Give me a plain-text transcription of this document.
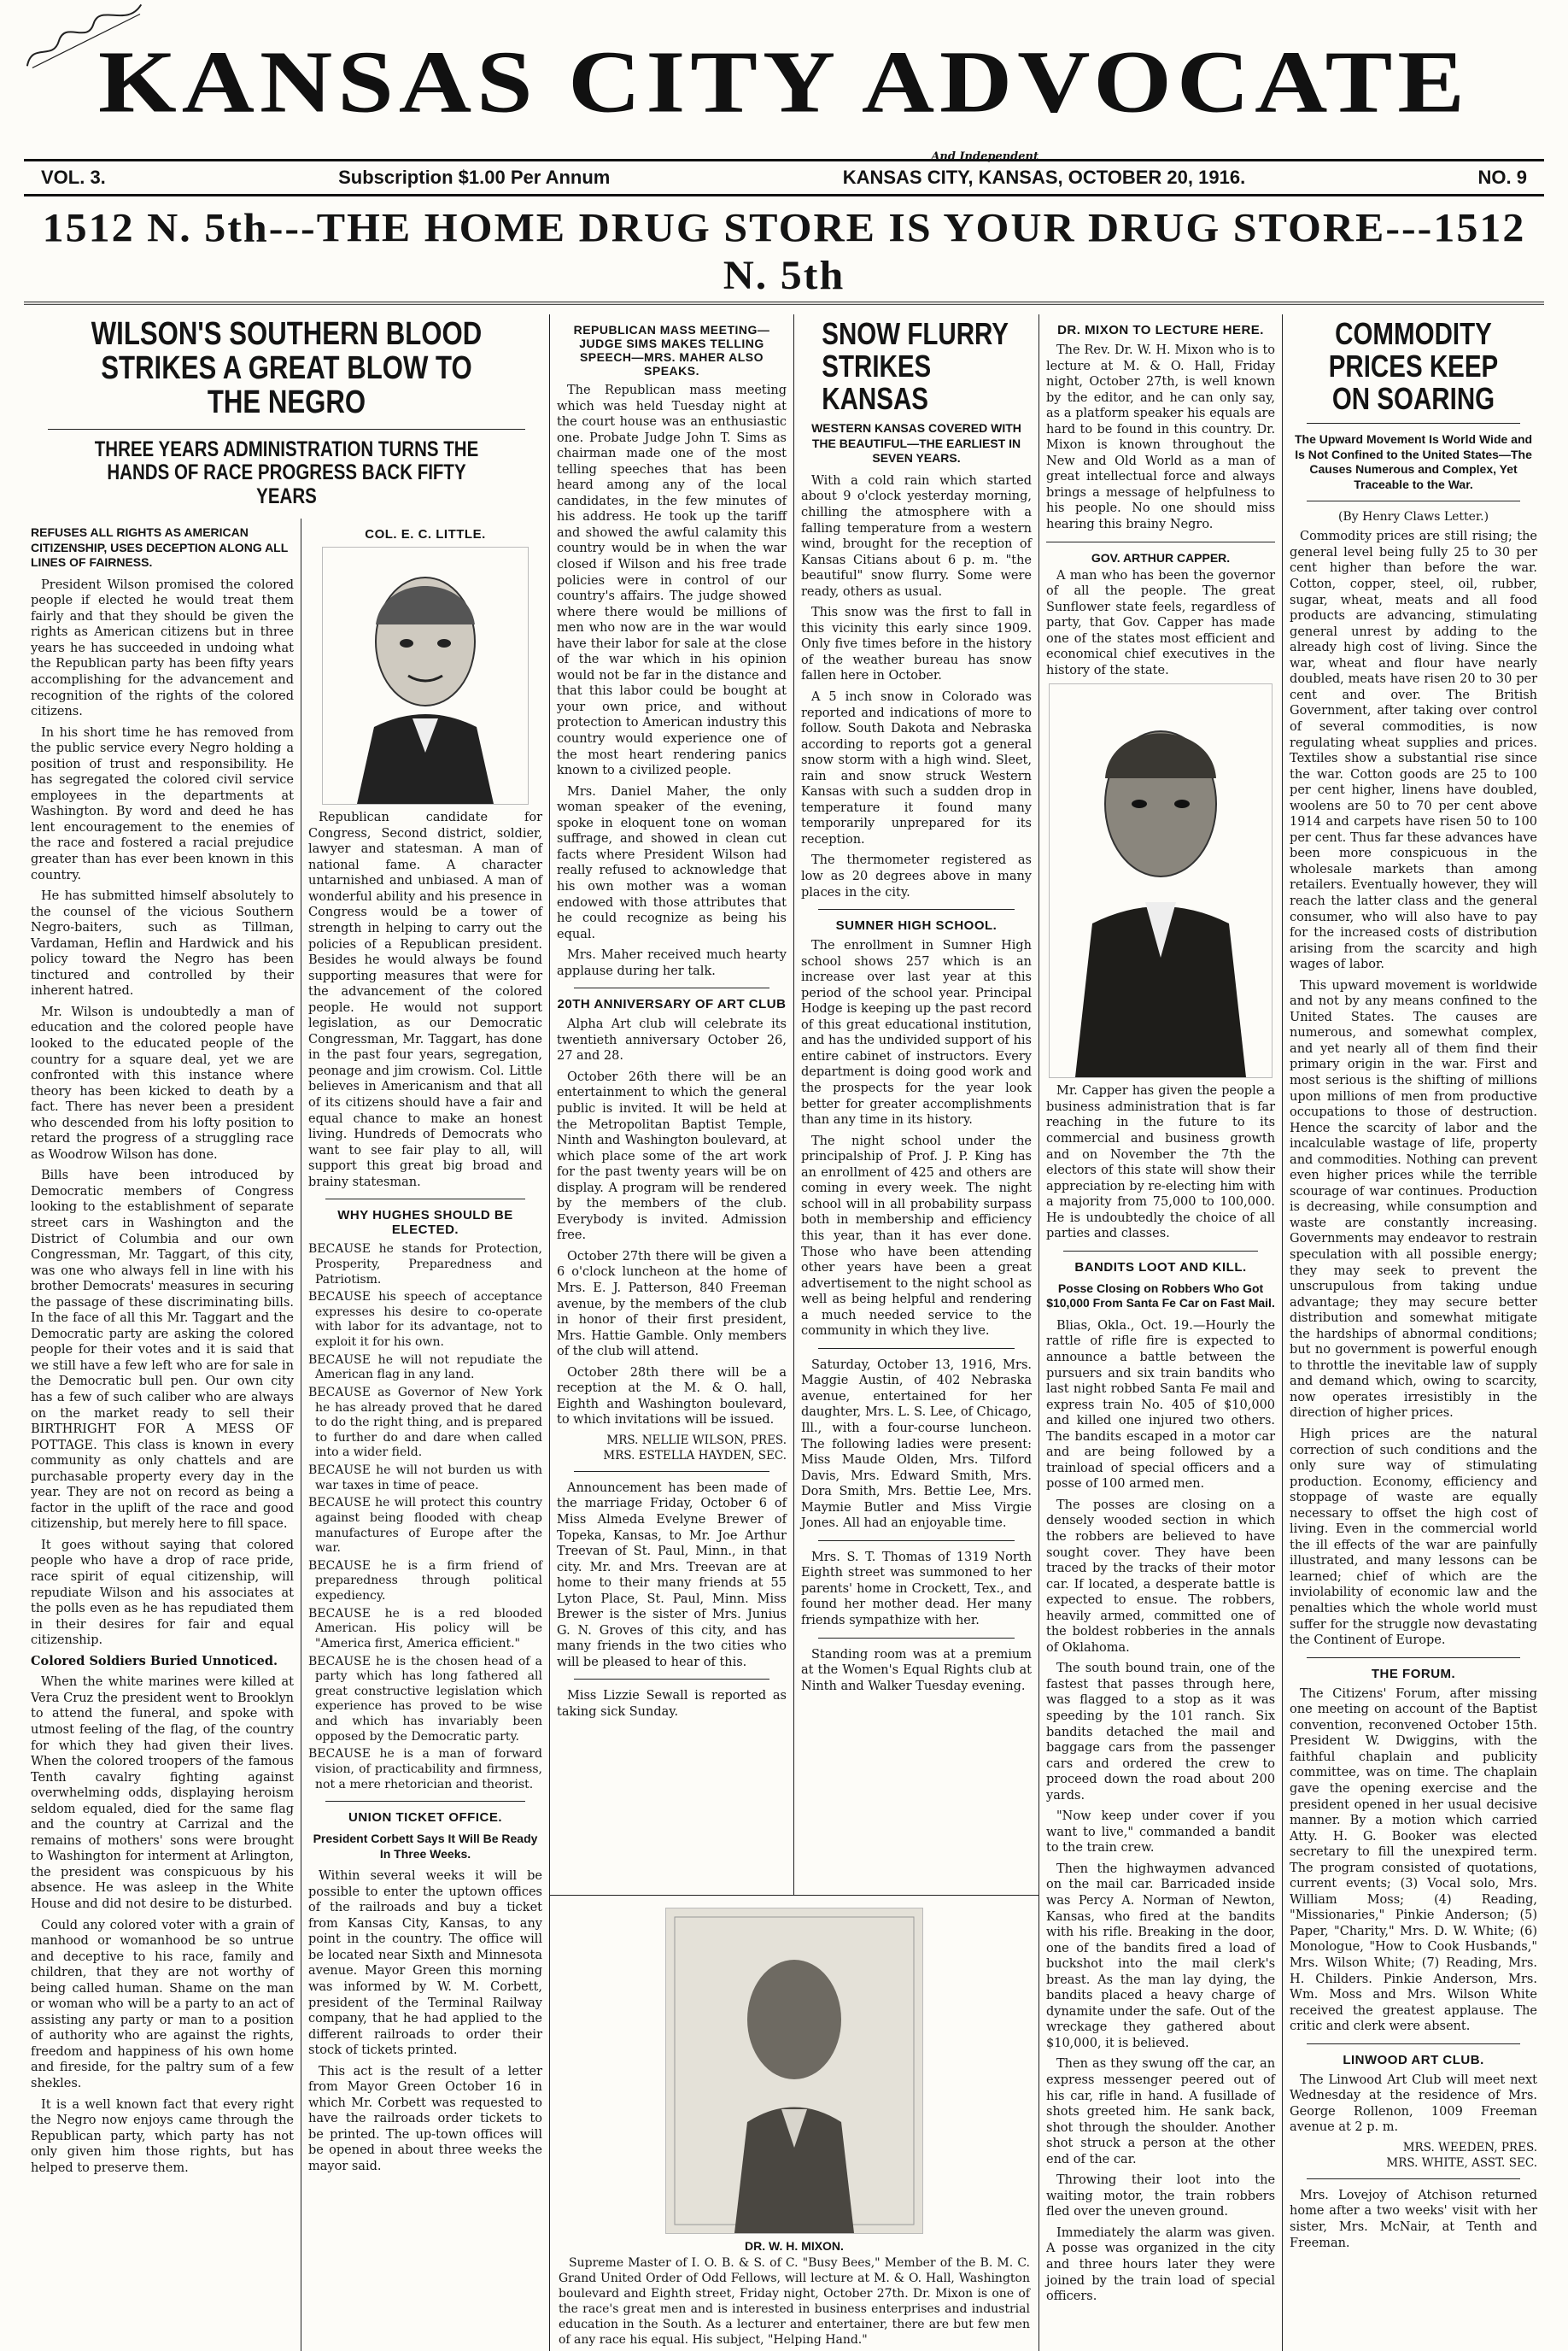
KANSAS CITY ADVOCATE
And Independent
VOL. 3.	Subscription $1.00 Per Annum	KANSAS CITY, KANSAS, OCTOBER 20, 1916.	NO. 9
1512 N. 5th---THE HOME DRUG STORE IS YOUR DRUG STORE---1512 N. 5th
WILSON'S SOUTHERN BLOOD STRIKES A GREAT BLOW TO THE NEGRO
THREE YEARS ADMINISTRATION TURNS THE HANDS OF RACE PROGRESS BACK FIFTY YEARS
REFUSES ALL RIGHTS AS AMERICAN CITIZENSHIP, USES DECEPTION ALONG ALL LINES OF FAIRNESS.

President Wilson promised the colored people if elected he would treat them fairly and that they should be given the rights as American citizens but in three years he has succeeded in undoing what the Republican party has been fifty years accomplishing for the advancement and recognition of the rights of the colored citizens.

In his short time he has removed from the public service every Negro holding a position of trust and responsibility. He has segregated the colored civil service employees in the departments at Washington. By word and deed he has lent encouragement to the enemies of the race and fostered a racial prejudice greater than has ever been known in this country.

He has submitted himself absolutely to the counsel of the vicious Southern Negro-baiters, such as Tillman, Vardaman, Heflin and Hardwick and his policy toward the Negro has been tinctured and controlled by their inherent hatred.

Mr. Wilson is undoubtedly a man of education and the colored people have looked to the educated people of the country for a square deal, yet we are confronted with this instance where theory has been kicked to death by a fact. There has never been a president who descended from his lofty position to retard the progress of a struggling race as Woodrow Wilson has done.

Bills have been introduced by Democratic members of Congress looking to the establishment of separate street cars in Washington and the District of Columbia and our own Congressman, Mr. Taggart, of this city, was one who always fell in line with his brother Democrats' measures in securing the passage of these discriminating bills. In the face of all this Mr. Taggart and the Democratic party are asking the colored people for their votes and it is said that we still have a few left who are for sale in the Democratic bull pen. Our own city has a few of such caliber who are always on the market ready to sell their BIRTHRIGHT FOR A MESS OF POTTAGE. This class is known in every community as only chattels and are purchasable property every day in the year. They are not on record as being a factor in the uplift of the race and good citizenship, but merely here to fill space.

It goes without saying that colored people who have a drop of race pride, race spirit of equal citizenship, will repudiate Wilson and his associates at the polls even as he has repudiated them in their desires for fair and equal citizenship.

Colored Soldiers Buried Unnoticed.

When the white marines were killed at Vera Cruz the president went to Brooklyn to attend the funeral, and spoke with utmost feeling of the flag, of the country for which they had given their lives. When the colored troopers of the famous Tenth cavalry fighting against overwhelming odds, displaying heroism seldom equaled, died for the same flag and the country at Carrizal and the remains of mothers' sons were brought to Washington for interment at Arlington, the president was conspicuous by his absence. He was asleep in the White House and did not desire to be disturbed.

Could any colored voter with a grain of manhood or womanhood be so untrue and deceptive to his race, family and children, that they are not worthy of being called human. Shame on the man or woman who will be a party to an act of assisting any party or man to a position of authority who are against the rights, freedom and happiness of his own home and fireside, for the paltry sum of a few shekles.

It is a well known fact that every right the Negro now enjoys came through the Republican party, which party has not only given him those rights, but has helped to preserve them.

COL. E. C. LITTLE.

Republican candidate for Congress, Second district, soldier, lawyer and statesman. A man of national fame. A character untarnished and unbiased. A man of wonderful ability and his presence in Congress would be a tower of strength in helping to carry out the policies of a Republican president. Besides he would always be found supporting measures that were for the advancement of the colored people. He would not support legislation, as our Democratic Congressman, Mr. Taggart, has done in the past four years, segregation, peonage and jim crowism. Col. Little believes in Americanism and that all of its citizens should have a fair and equal chance to make an honest living. Hundreds of Democrats who want to see fair play to all, will support this great big broad and brainy statesman.

WHY HUGHES SHOULD BE ELECTED.

BECAUSE he stands for Protection, Prosperity, Preparedness and Patriotism.

BECAUSE his speech of acceptance expresses his desire to co-operate with labor for its advantage, not to exploit it for his own.

BECAUSE he will not repudiate the American flag in any land.

BECAUSE as Governor of New York he has already proved that he dared to do the right thing, and is prepared to further do and dare when called into a wider field.

BECAUSE he will not burden us with war taxes in time of peace.

BECAUSE he will protect this country against being flooded with cheap manufactures of Europe after the war.

BECAUSE he is a firm friend of preparedness through political expediency.

BECAUSE he is a red blooded American. His policy will be "America first, America efficient."

BECAUSE he is the chosen head of a party which has long fathered all great constructive legislation which experience has proved to be wise and which has invariably been opposed by the Democratic party.

BECAUSE he is a man of forward vision, of practicability and firmness, not a mere rhetorician and theorist.

UNION TICKET OFFICE.
President Corbett Says It Will Be Ready In Three Weeks.

Within several weeks it will be possible to enter the uptown offices of the railroads and buy a ticket from Kansas City, Kansas, to any point in the country. The office will be located near Sixth and Minnesota avenue. Mayor Green this morning was informed by W. M. Corbett, president of the Terminal Railway company, that he had applied to the different railroads to order their stock of tickets printed.

This act is the result of a letter from Mayor Green October 16 in which Mr. Corbett was requested to have the railroads order tickets to be printed. The up-town offices will be opened in about three weeks the mayor said.

REPUBLICAN MASS MEETING—JUDGE SIMS MAKES TELLING SPEECH—MRS. MAHER ALSO SPEAKS.

The Republican mass meeting which was held Tuesday night at the court house was an enthusiastic one. Probate Judge John T. Sims as chairman made one of the most telling speeches that has been heard among any of the local candidates, in the few minutes of his address. He took up the tariff and showed the awful calamity this country would be in when the war closed if Wilson and his free trade policies were in control of our country's affairs. The judge showed where there would be millions of men who now are in the war would have their labor for sale at the close of the war which in his opinion would not be far in the distance and that this labor could be bought at your own price, and without protection to American industry this country would experience one of the most heart rendering panics known to a civilized people.

Mrs. Daniel Maher, the only woman speaker of the evening, spoke in eloquent tone on woman suffrage, and showed in clean cut facts where President Wilson had really refused to acknowledge that his own mother was a woman endowed with those attributes that he could recognize as being his equal.

Mrs. Maher received much hearty applause during her talk.

20TH ANNIVERSARY OF ART CLUB

Alpha Art club will celebrate its twentieth anniversary October 26, 27 and 28.

October 26th there will be an entertainment to which the general public is invited. It will be held at the Metropolitan Baptist Temple, Ninth and Washington boulevard, at which place some of the art work for the past twenty years will be on display. A program will be rendered by the members of the club. Everybody is invited. Admission free.

October 27th there will be given a 6 o'clock luncheon at the home of Mrs. E. J. Patterson, 840 Freeman avenue, by the members of the club in honor of their first president, Mrs. Hattie Gamble. Only members of the club will attend.

October 28th there will be a reception at the M. & O. hall, Eighth and Washington boulevard, to which invitations will be issued.

MRS. NELLIE WILSON, PRES.
MRS. ESTELLA HAYDEN, SEC.

Announcement has been made of the marriage Friday, October 6 of Miss Almeda Evelyne Brewer of Topeka, Kansas, to Mr. Joe Arthur Treevan of St. Paul, Minn., in that city. Mr. and Mrs. Treevan are at home to their many friends at 55 Lyton Place, St. Paul, Minn. Miss Brewer is the sister of Mrs. Junius G. N. Groves of this city, and has many friends in the two cities who will be pleased to hear of this.

Miss Lizzie Sewall is reported as taking sick Sunday.

SNOW FLURRY STRIKES KANSAS
WESTERN KANSAS COVERED WITH THE BEAUTIFUL—THE EARLIEST IN SEVEN YEARS.

With a cold rain which started about 9 o'clock yesterday morning, chilling the atmosphere with a falling temperature from a western wind, brought for the reception of Kansas Citians about 6 p. m. "the beautiful" snow flurry. Some were ready, others as usual.

This snow was the first to fall in this vicinity this early since 1909. Only five times before in the history of the weather bureau has snow fallen here in October.

A 5 inch snow in Colorado was reported and indications of more to follow. South Dakota and Nebraska according to reports got a general snow storm with a high wind. Sleet, rain and snow struck Western Kansas with such a sudden drop in temperature it found many temporarily unprepared for its reception.

The thermometer registered as low as 20 degrees above in many places in the city.

SUMNER HIGH SCHOOL.

The enrollment in Sumner High school shows 257 which is an increase over last year at this period of the school year. Principal Hodge is keeping up the past record of this great educational institution, and has the undivided support of his entire cabinet of instructors. Every department is doing good work and the prospects for the year look better for greater accomplishments than any time in its history.

The night school under the principalship of Prof. J. P. King has an enrollment of 425 and others are coming in every week. The night school will in all probability surpass both in membership and efficiency this year, than it has ever done. Those who have been attending other years have been a great advertisement to the night school as well as being helpful and rendering a much needed service to the community in which they live.

Saturday, October 13, 1916, Mrs. Maggie Austin, of 402 Nebraska avenue, entertained for her daughter, Mrs. L. S. Lee, of Chicago, Ill., with a four-course luncheon. The following ladies were present: Miss Maude Olden, Mrs. Tilford Davis, Mrs. Edward Smith, Mrs. Dora Smith, Mrs. Bettie Lee, Mrs. Maymie Butler and Miss Virgie Jones. All had an enjoyable time.

Mrs. S. T. Thomas of 1319 North Eighth street was summoned to her parents' home in Crockett, Tex., and found her mother dead. Her many friends sympathize with her.

Standing room was at a premium at the Women's Equal Rights club at Ninth and Walker Tuesday evening.

DR. W. H. MIXON.

Supreme Master of I. O. B. & S. of C. "Busy Bees," Member of the B. M. C. Grand United Order of Odd Fellows, will lecture at M. & O. Hall, Washington boulevard and Eighth street, Friday night, October 27th. Dr. Mixon is one of the race's great men and is interested in business enterprises and industrial education in the South. As a lecturer and entertainer, there are but few men of any race his equal. His subject, "Helping Hand."

DR. MIXON TO LECTURE HERE.

The Rev. Dr. W. H. Mixon who is to lecture at M. & O. Hall, Friday night, October 27th, is well known by the editor, and he can only say, as a platform speaker his equals are hard to be found in this country. Dr. Mixon is known throughout the New and Old World as a man of great intellectual force and always brings a message of helpfulness to his people. No one should miss hearing this brainy Negro.

GOV. ARTHUR CAPPER.

A man who has been the governor of all the people. The great Sunflower state feels, regardless of party, that Gov. Capper has made one of the states most efficient and economical chief executives in the history of the state.

Mr. Capper has given the people a business administration that is far reaching in the future to its commercial and business growth and on November the 7th the electors of this state will show their appreciation by re-electing him with a majority from 75,000 to 100,000. He is undoubtedly the choice of all parties and classes.

BANDITS LOOT AND KILL.
Posse Closing on Robbers Who Got $10,000 From Santa Fe Car on Fast Mail.

Blias, Okla., Oct. 19.—Hourly the rattle of rifle fire is expected to announce a battle between the pursuers and six train bandits who last night robbed Santa Fe mail and express train No. 405 of $10,000 and killed one injured two others. The bandits escaped in a motor car and are being followed by a trainload of special officers and a posse of 100 armed men.

The posses are closing on a densely wooded section in which the robbers are believed to have sought cover. They have been traced by the tracks of their motor car. If located, a desperate battle is expected to ensue. The robbers, heavily armed, committed one of the boldest robberies in the annals of Oklahoma.

The south bound train, one of the fastest that passes through here, was flagged to a stop as it was speeding by the 101 ranch. Six bandits detached the mail and baggage cars from the passenger cars and ordered the crew to proceed down the road about 200 yards.

"Now keep under cover if you want to live," commanded a bandit to the train crew.

Then the highwaymen advanced on the mail car. Barricaded inside was Percy A. Norman of Newton, Kansas, who fired at the bandits with his rifle. Breaking in the door, one of the bandits fired a load of buckshot into the mail clerk's breast. As the man lay dying, the bandits placed a heavy charge of dynamite under the safe. Out of the wreckage they gathered about $10,000, it is believed.

Then as they swung off the car, an express messenger peered out of his car, rifle in hand. A fusillade of shots greeted him. He sank back, shot through the shoulder. Another shot struck a person at the other end of the car.

Throwing their loot into the waiting motor, the train robbers fled over the uneven ground.

Immediately the alarm was given. A posse was organized in the city and three hours later they were joined by the train load of special officers.

COMMODITY PRICES KEEP ON SOARING
The Upward Movement Is World Wide and Is Not Confined to the United States—The Causes Numerous and Complex, Yet Traceable to the War.
(By Henry Claws Letter.)

Commodity prices are still rising; the general level being fully 25 to 30 per cent higher than before the war. Cotton, copper, steel, oil, rubber, sugar, wheat, meats and all food products are advancing, stimulating general unrest by adding to the already high cost of living. Since the war, wheat and flour have nearly doubled, meats have risen 20 to 30 per cent and over. The British Government, after taking over control of several commodities, is now regulating wheat supplies and prices. Textiles show a substantial rise since the war. Cotton goods are 25 to 100 per cent higher, linens have doubled, woolens are 50 to 70 per cent above 1914 and carpets have risen 50 to 100 per cent. Thus far these advances have been more conspicuous in the wholesale markets than among retailers. Eventually however, they will reach the latter class and the general consumer, who will also have to pay for the increased costs of distribution arising from the scarcity and high wages of labor.

This upward movement is worldwide and not by any means confined to the United States. The causes are numerous, and somewhat complex, and yet nearly all of them find their primary origin in the war. First and most serious is the shifting of millions upon millions of men from productive occupations to those of destruction. Hence the scarcity of labor and the incalculable wastage of life, property and commodities. Nothing can prevent even higher prices while the terrible scourage of war continues. Production is decreasing, while consumption and waste are constantly increasing. Governments may endeavor to restrain speculation with all possible energy; they may seek to prevent the unscrupulous from taking undue advantage; they may secure better distribution and somewhat mitigate the hardships of abnormal conditions; but no government is powerful enough to throttle the inevitable law of supply and demand which, owing to scarcity, now operates irresistibly in the direction of higher prices.

High prices are the natural correction of such conditions and the only sure way of stimulating production. Economy, efficiency and stoppage of waste are equally necessary to offset the high cost of living. Even in the commercial world the ill effects of the war are painfully illustrated, and many lessons can be learned; chief of which are the inviolability of economic law and the penalties which the whole world must suffer for the struggle now devastating the Continent of Europe.

THE FORUM.

The Citizens' Forum, after missing one meeting on account of the Baptist convention, reconvened October 15th. President W. Dwiggins, with the faithful chaplain and publicity committee, was on time. The chaplain gave the opening exercise and the president opened in her usual decisive manner. By a motion which carried Atty. H. G. Booker was elected secretary to fill the unexpired term. The program consisted of quotations, current events; (3) Vocal solo, Mrs. William Moss; (4) Reading, "Missionaries," Pinkie Anderson; (5) Paper, "Charity," Mrs. D. W. White; (6) Monologue, "How to Cook Husbands," Mrs. Wilson White; (7) Reading, Mrs. H. Childers. Pinkie Anderson, Mrs. Wm. Moss and Mrs. Wilson White received the greatest applause. The critic and clerk were absent.

LINWOOD ART CLUB.

The Linwood Art Club will meet next Wednesday at the residence of Mrs. George Rollenon, 1009 Freeman avenue at 2 p. m.

MRS. WEEDEN, PRES.
MRS. WHITE, ASST. SEC.

Mrs. Lovejoy of Atchison returned home after a two weeks' visit with her sister, Mrs. McNair, at Tenth and Freeman.
